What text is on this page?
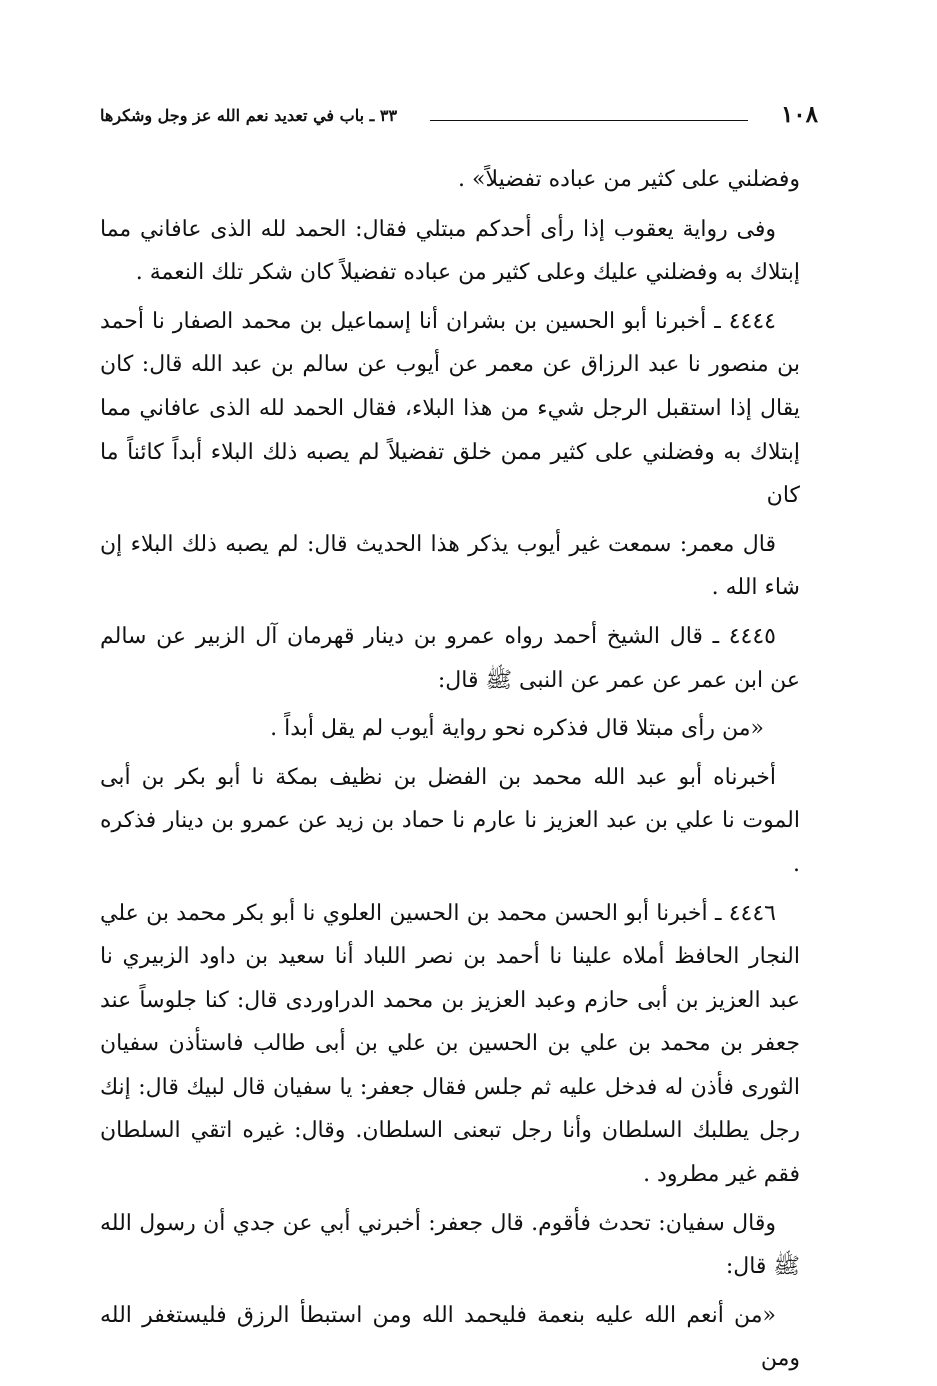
١٠٨
٣٣ ـ باب في تعديد نعم الله عز وجل وشكرها

وفضلني على كثير من عباده تفضيلاً» .

وفى رواية يعقوب إذا رأى أحدكم مبتلي فقال: الحمد لله الذى عافاني مما إبتلاك به وفضلني عليك وعلى كثير من عباده تفضيلاً كان شكر تلك النعمة .

٤٤٤٤ ـ أخبرنا أبو الحسين بن بشران أنا إسماعيل بن محمد الصفار نا أحمد بن منصور نا عبد الرزاق عن معمر عن أيوب عن سالم بن عبد الله قال: كان يقال إذا استقبل الرجل شيء من هذا البلاء، فقال الحمد لله الذى عافاني مما إبتلاك به وفضلني على كثير ممن خلق تفضيلاً لم يصبه ذلك البلاء أبداً كائناً ما كان

قال معمر: سمعت غير أيوب يذكر هذا الحديث قال: لم يصبه ذلك البلاء إن شاء الله .

٤٤٤٥ ـ قال الشيخ أحمد رواه عمرو بن دينار قهرمان آل الزبير عن سالم عن ابن عمر عن عمر عن النبى ﷺ قال:

«من رأى مبتلا قال فذكره نحو رواية أيوب لم يقل أبداً .

أخبرناه أبو عبد الله محمد بن الفضل بن نظيف بمكة نا أبو بكر بن أبى الموت نا علي بن عبد العزيز نا عارم نا حماد بن زيد عن عمرو بن دينار فذكره .

٤٤٤٦ ـ أخبرنا أبو الحسن محمد بن الحسين العلوي نا أبو بكر محمد بن علي النجار الحافظ أملاه علينا نا أحمد بن نصر اللباد أنا سعيد بن داود الزبيري نا عبد العزيز بن أبى حازم وعبد العزيز بن محمد الدراوردى قال: كنا جلوساً عند جعفر بن محمد بن علي بن الحسين بن علي بن أبى طالب فاستأذن سفيان الثورى فأذن له فدخل عليه ثم جلس فقال جعفر: يا سفيان قال لبيك قال: إنك رجل يطلبك السلطان وأنا رجل تبعنى السلطان. وقال: غيره اتقي السلطان فقم غير مطرود .

وقال سفيان: تحدث فأقوم. قال جعفر: أخبرني أبي عن جدي أن رسول الله ﷺ قال:

«من أنعم الله عليه بنعمة فليحمد الله ومن استبطأ الرزق فليستغفر الله ومن
